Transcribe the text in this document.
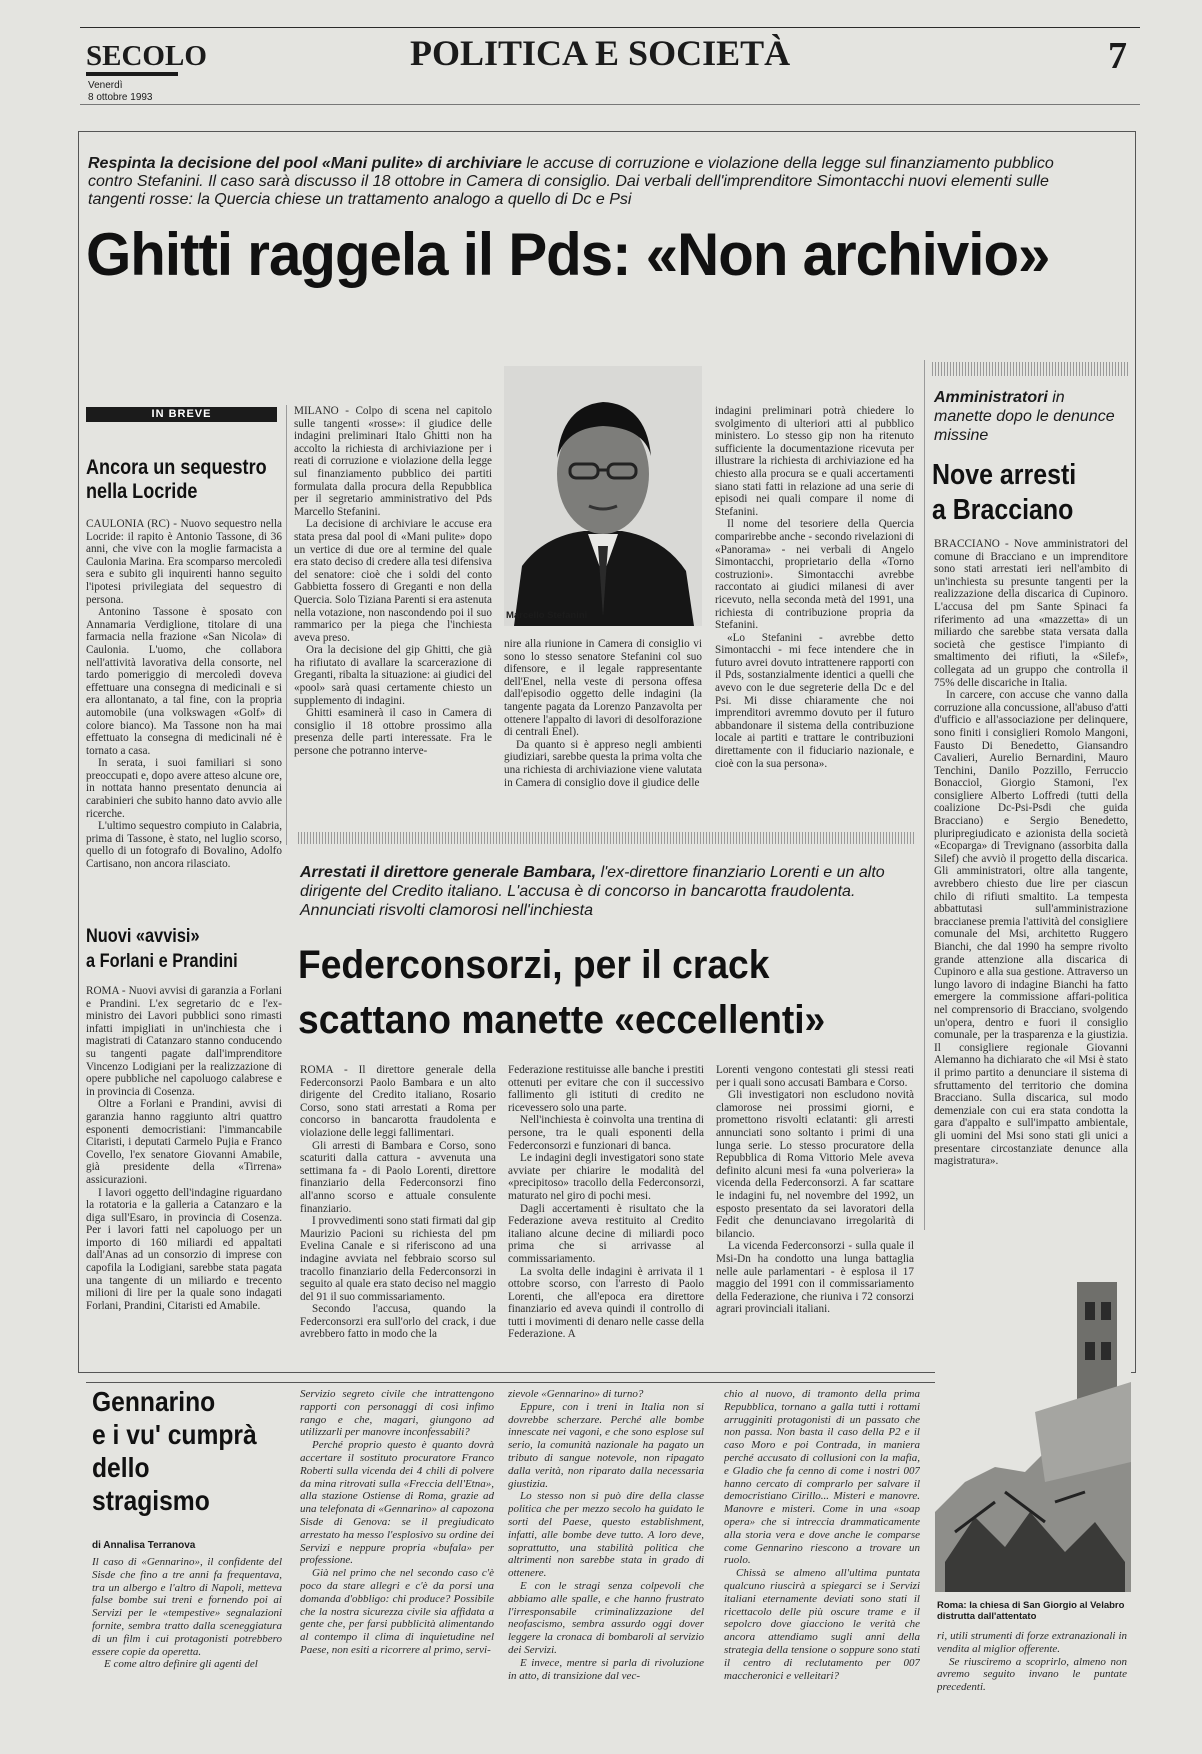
SECOLO
Venerdì
8 ottobre 1993
POLITICA E SOCIETÀ	7
Respinta la decisione del pool «Mani pulite» di archiviare le accuse di corruzione e violazione della legge sul finanziamento pubblico contro Stefanini. Il caso sarà discusso il 18 ottobre in Camera di consiglio. Dai verbali dell'imprenditore Simontacchi nuovi elementi sulle tangenti rosse: la Quercia chiese un trattamento analogo a quello di Dc e Psi
Ghitti raggela il Pds: «Non archivio»
IN BREVE
Ancora un sequestro
nella Locride

CAULONIA (RC) - Nuovo sequestro nella Locride: il rapito è Antonio Tassone, di 36 anni, che vive con la moglie farmacista a Caulonia Marina. Era scomparso mercoledì sera e subito gli inquirenti hanno seguito l'ipotesi privilegiata del sequestro di persona.

Antonino Tassone è sposato con Annamaria Verdiglione, titolare di una farmacia nella frazione «San Nicola» di Caulonia. L'uomo, che collabora nell'attività lavorativa della consorte, nel tardo pomeriggio di mercoledì doveva effettuare una consegna di medicinali e si era allontanato, a tal fine, con la propria automobile (una volkswagen «Golf» di colore bianco). Ma Tassone non ha mai effettuato la consegna di medicinali né è tornato a casa.

In serata, i suoi familiari si sono preoccupati e, dopo avere atteso alcune ore, in nottata hanno presentato denuncia ai carabinieri che subito hanno dato avvio alle ricerche.

L'ultimo sequestro compiuto in Calabria, prima di Tassone, è stato, nel luglio scorso, quello di un fotografo di Bovalino, Adolfo Cartisano, non ancora rilasciato.

Nuovi «avvisi»
a Forlani e Prandini

ROMA - Nuovi avvisi di garanzia a Forlani e Prandini. L'ex segretario dc e l'ex-ministro dei Lavori pubblici sono rimasti infatti impigliati in un'inchiesta che i magistrati di Catanzaro stanno conducendo su tangenti pagate dall'imprenditore Vincenzo Lodigiani per la realizzazione di opere pubbliche nel capoluogo calabrese e in provincia di Cosenza.

Oltre a Forlani e Prandini, avvisi di garanzia hanno raggiunto altri quattro esponenti democristiani: l'immancabile Citaristi, i deputati Carmelo Pujia e Franco Covello, l'ex senatore Giovanni Amabile, già presidente della «Tirrena» assicurazioni.

I lavori oggetto dell'indagine riguardano la rotatoria e la galleria a Catanzaro e la diga sull'Esaro, in provincia di Cosenza. Per i lavori fatti nel capoluogo per un importo di 160 miliardi ed appaltati dall'Anas ad un consorzio di imprese con capofila la Lodigiani, sarebbe stata pagata una tangente di un miliardo e trecento milioni di lire per la quale sono indagati Forlani, Prandini, Citaristi ed Amabile.

MILANO - Colpo di scena nel capitolo sulle tangenti «rosse»: il giudice delle indagini preliminari Italo Ghitti non ha accolto la richiesta di archiviazione per i reati di corruzione e violazione della legge sul finanziamento pubblico dei partiti formulata dalla procura della Repubblica per il segretario amministrativo del Pds Marcello Stefanini.

La decisione di archiviare le accuse era stata presa dal pool di «Mani pulite» dopo un vertice di due ore al termine del quale era stato deciso di credere alla tesi difensiva del senatore: cioè che i soldi del conto Gabbietta fossero di Greganti e non della Quercia. Solo Tiziana Parenti si era astenuta nella votazione, non nascondendo poi il suo rammarico per la piega che l'inchiesta aveva preso.

Ora la decisione del gip Ghitti, che già ha rifiutato di avallare la scarcerazione di Greganti, ribalta la situazione: ai giudici del «pool» sarà quasi certamente chiesto un supplemento di indagini.

Ghitti esaminerà il caso in Camera di consiglio il 18 ottobre prossimo alla presenza delle parti interessate. Fra le persone che potranno interve-

Marcello Stefanini

nire alla riunione in Camera di consiglio vi sono lo stesso senatore Stefanini col suo difensore, e il legale rappresentante dell'Enel, nella veste di persona offesa dall'episodio oggetto delle indagini (la tangente pagata da Lorenzo Panzavolta per ottenere l'appalto di lavori di desolforazione di centrali Enel).

Da quanto si è appreso negli ambienti giudiziari, sarebbe questa la prima volta che una richiesta di archiviazione viene valutata in Camera di consiglio dove il giudice delle

indagini preliminari potrà chiedere lo svolgimento di ulteriori atti al pubblico ministero. Lo stesso gip non ha ritenuto sufficiente la documentazione ricevuta per illustrare la richiesta di archiviazione ed ha chiesto alla procura se e quali accertamenti siano stati fatti in relazione ad una serie di episodi nei quali compare il nome di Stefanini.

Il nome del tesoriere della Quercia comparirebbe anche - secondo rivelazioni di «Panorama» - nei verbali di Angelo Simontacchi, proprietario della «Torno costruzioni». Simontacchi avrebbe raccontato ai giudici milanesi di aver ricevuto, nella seconda metà del 1991, una richiesta di contribuzione propria da Stefanini.

«Lo Stefanini - avrebbe detto Simontacchi - mi fece intendere che in futuro avrei dovuto intrattenere rapporti con il Pds, sostanzialmente identici a quelli che avevo con le due segreterie della Dc e del Psi. Mi disse chiaramente che noi imprenditori avremmo dovuto per il futuro abbandonare il sistema della contribuzione locale ai partiti e trattare le contribuzioni direttamente con il fiduciario nazionale, e cioè con la sua persona».

Amministratori in manette dopo le denunce missine
Nove arresti
a Bracciano

BRACCIANO - Nove amministratori del comune di Bracciano e un imprenditore sono stati arrestati ieri nell'ambito di un'inchiesta su presunte tangenti per la realizzazione della discarica di Cupinoro. L'accusa del pm Sante Spinaci fa riferimento ad una «mazzetta» di un miliardo che sarebbe stata versata dalla società che gestisce l'impianto di smaltimento dei rifiuti, la «Silef», collegata ad un gruppo che controlla il 75% delle discariche in Italia.

In carcere, con accuse che vanno dalla corruzione alla concussione, all'abuso d'atti d'ufficio e all'associazione per delinquere, sono finiti i consiglieri Romolo Mangoni, Fausto Di Benedetto, Giansandro Cavalieri, Aurelio Bernardini, Mauro Tenchini, Danilo Pozzillo, Ferruccio Bonacciol, Giorgio Stamoni, l'ex consigliere Alberto Loffredi (tutti della coalizione Dc-Psi-Psdi che guida Bracciano) e Sergio Benedetto, pluripregiudicato e azionista della società «Ecoparga» di Trevignano (assorbita dalla Silef) che avviò il progetto della discarica. Gli amministratori, oltre alla tangente, avrebbero chiesto due lire per ciascun chilo di rifiuti smaltito. La tempesta abbattutasi sull'amministrazione braccianese premia l'attività del consigliere comunale del Msi, architetto Ruggero Bianchi, che dal 1990 ha sempre rivolto grande attenzione alla discarica di Cupinoro e alla sua gestione. Attraverso un lungo lavoro di indagine Bianchi ha fatto emergere la commissione affari-politica nel comprensorio di Bracciano, svolgendo un'opera, dentro e fuori il consiglio comunale, per la trasparenza e la giustizia. Il consigliere regionale Giovanni Alemanno ha dichiarato che «il Msi è stato il primo partito a denunciare il sistema di sfruttamento del territorio che domina Bracciano. Sulla discarica, sul modo demenziale con cui era stata condotta la gara d'appalto e sull'impatto ambientale, gli uomini del Msi sono stati gli unici a presentare circostanziate denunce alla magistratura».

Arrestati il direttore generale Bambara, l'ex-direttore finanziario Lorenti e un alto dirigente del Credito italiano. L'accusa è di concorso in bancarotta fraudolenta. Annunciati risvolti clamorosi nell'inchiesta
Federconsorzi, per il crack
scattano manette «eccellenti»

ROMA - Il direttore generale della Federconsorzi Paolo Bambara e un alto dirigente del Credito italiano, Rosario Corso, sono stati arrestati a Roma per concorso in bancarotta fraudolenta e violazione delle leggi fallimentari.

Gli arresti di Bambara e Corso, sono scaturiti dalla cattura - avvenuta una settimana fa - di Paolo Lorenti, direttore finanziario della Federconsorzi fino all'anno scorso e attuale consulente finanziario.

I provvedimenti sono stati firmati dal gip Maurizio Pacioni su richiesta del pm Evelina Canale e si riferiscono ad una indagine avviata nel febbraio scorso sul tracollo finanziario della Federconsorzi in seguito al quale era stato deciso nel maggio del 91 il suo commissariamento.

Secondo l'accusa, quando la Federconsorzi era sull'orlo del crack, i due avrebbero fatto in modo che la

Federazione restituisse alle banche i prestiti ottenuti per evitare che con il successivo fallimento gli istituti di credito ne ricevessero solo una parte.

Nell'inchiesta è coinvolta una trentina di persone, tra le quali esponenti della Federconsorzi e funzionari di banca.

Le indagini degli investigatori sono state avviate per chiarire le modalità del «precipitoso» tracollo della Federconsorzi, maturato nel giro di pochi mesi.

Dagli accertamenti è risultato che la Federazione aveva restituito al Credito italiano alcune decine di miliardi poco prima che si arrivasse al commissariamento.

La svolta delle indagini è arrivata il 1 ottobre scorso, con l'arresto di Paolo Lorenti, che all'epoca era direttore finanziario ed aveva quindi il controllo di tutti i movimenti di denaro nelle casse della Federazione. A

Lorenti vengono contestati gli stessi reati per i quali sono accusati Bambara e Corso.

Gli investigatori non escludono novità clamorose nei prossimi giorni, e promettono risvolti eclatanti: gli arresti annunciati sono soltanto i primi di una lunga serie. Lo stesso procuratore della Repubblica di Roma Vittorio Mele aveva definito alcuni mesi fa «una polveriera» la vicenda della Federconsorzi. A far scattare le indagini fu, nel novembre del 1992, un esposto presentato da sei lavoratori della Fedit che denunciavano irregolarità di bilancio.

La vicenda Federconsorzi - sulla quale il Msi-Dn ha condotto una lunga battaglia nelle aule parlamentari - è esplosa il 17 maggio del 1991 con il commissariamento della Federazione, che riuniva i 72 consorzi agrari provinciali italiani.

Gennarino
e i vu' cumprà
dello
stragismo
di Annalisa Terranova

Il caso di «Gennarino», il confidente del Sisde che fino a tre anni fa frequentava, tra un albergo e l'altro di Napoli, metteva false bombe sui treni e fornendo poi ai Servizi per le «tempestive» segnalazioni fornite, sembra tratto dalla sceneggiatura di un film i cui protagonisti potrebbero essere copie da operetta.

E come altro definire gli agenti del

Servizio segreto civile che intrattengono rapporti con personaggi di così infimo rango e che, magari, giungono ad utilizzarli per manovre inconfessabili?

Perché proprio questo è quanto dovrà accertare il sostituto procuratore Franco Roberti sulla vicenda dei 4 chili di polvere da mina ritrovati sulla «Freccia dell'Etna», alla stazione Ostiense di Roma, grazie ad una telefonata di «Gennarino» al capozona Sisde di Genova: se il pregiudicato arrestato ha messo l'esplosivo su ordine dei Servizi e neppure propria «bufala» per professione.

Già nel primo che nel secondo caso c'è poco da stare allegri e c'è da porsi una domanda d'obbligo: chi produce? Possibile che la nostra sicurezza civile sia affidata a gente che, per farsi pubblicità alimentando al contempo il clima di inquietudine nel Paese, non esiti a ricorrere al primo, servi-

zievole «Gennarino» di turno?

Eppure, con i treni in Italia non si dovrebbe scherzare. Perché alle bombe innescate nei vagoni, e che sono esplose sul serio, la comunità nazionale ha pagato un tributo di sangue notevole, non ripagato dalla verità, non riparato dalla necessaria giustizia.

Lo stesso non si può dire della classe politica che per mezzo secolo ha guidato le sorti del Paese, questo establishment, infatti, alle bombe deve tutto. A loro deve, soprattutto, una stabilità politica che altrimenti non sarebbe stata in grado di ottenere.

E con le stragi senza colpevoli che abbiamo alle spalle, e che hanno frustrato l'irresponsabile criminalizzazione del neofascismo, sembra assurdo oggi dover leggere la cronaca di bombaroli al servizio dei Servizi.

E invece, mentre si parla di rivoluzione in atto, di transizione dal vec-

chio al nuovo, di tramonto della prima Repubblica, tornano a galla tutti i rottami arrugginiti protagonisti di un passato che non passa. Non basta il caso della P2 e il caso Moro e poi Contrada, in maniera perché accusato di collusioni con la mafia, e Gladio che fa cenno di come i nostri 007 hanno cercato di comprarlo per salvare il democristiano Cirillo... Misteri e manovre. Manovre e misteri. Come in una «soap opera» che si intreccia drammaticamente alla storia vera e dove anche le comparse come Gennarino riescono a trovare un ruolo.

Chissà se almeno all'ultima puntata qualcuno riuscirà a spiegarci se i Servizi italiani eternamente deviati sono stati il ricettacolo delle più oscure trame e il sepolcro dove giacciono le verità che ancora attendiamo sugli anni della strategia della tensione o soppure sono stati il centro di reclutamento per 007 maccheronici e velleitari?

Roma: la chiesa di San Giorgio al Velabro distrutta dall'attentato

ri, utili strumenti di forze extranazionali in vendita al miglior offerente.

Se riusciremo a scoprirlo, almeno non avremo seguito invano le puntate precedenti.
